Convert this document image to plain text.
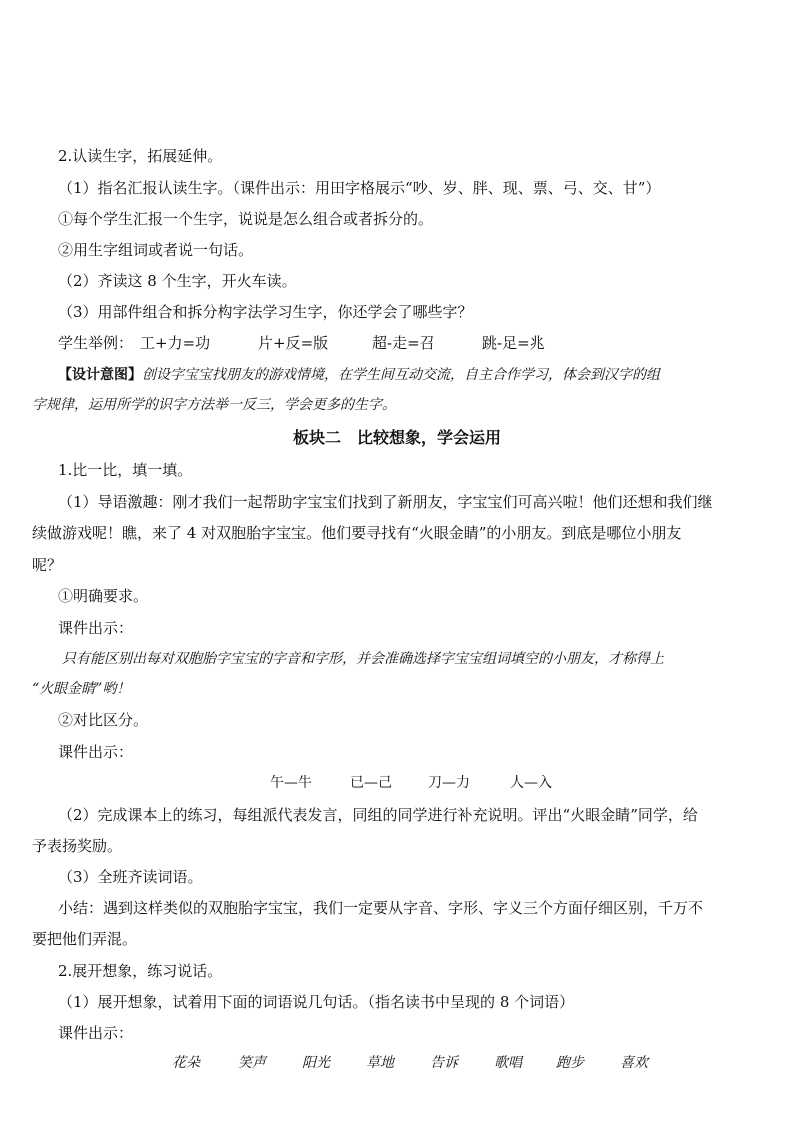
2.认读生字，拓展延伸。
（1）指名汇报认读生字。（课件出示：用田字格展示“吵、岁、胖、现、票、弓、交、甘”）
①每个学生汇报一个生字，说说是怎么组合或者拆分的。
②用生字组词或者说一句话。
（2）齐读这 8 个生字，开火车读。
（3）用部件组合和拆分构字法学习生字，你还学会了哪些字？
学生举例： 工+力=功	片+反=版	超-走=召	跳-足=兆
【设计意图】创设字宝宝找朋友的游戏情境，在学生间互动交流，自主合作学习，体会到汉字的组
字规律，运用所学的识字方法举一反三，学会更多的生字。
板块二　比较想象，学会运用
1.比一比，填一填。
（1）导语激趣：刚才我们一起帮助字宝宝们找到了新朋友，字宝宝们可高兴啦！他们还想和我们继
续做游戏呢！瞧，来了 4 对双胞胎字宝宝。他们要寻找有“火眼金睛”的小朋友。到底是哪位小朋友
呢？
①明确要求。
课件出示：
只有能区别出每对双胞胎字宝宝的字音和字形，并会准确选择字宝宝组词填空的小朋友，才称得上
“火眼金睛”哟！
②对比区分。
课件出示：
午—牛	已—己	刀—力	人—入
（2）完成课本上的练习，每组派代表发言，同组的同学进行补充说明。评出“火眼金睛”同学，给
予表扬奖励。
（3）全班齐读词语。
小结：遇到这样类似的双胞胎字宝宝，我们一定要从字音、字形、字义三个方面仔细区别，千万不
要把他们弄混。
2.展开想象，练习说话。
（1）展开想象，试着用下面的词语说几句话。（指名读书中呈现的 8 个词语）
课件出示：
花朵	笑声	阳光	草地	告诉	歌唱	跑步	喜欢
